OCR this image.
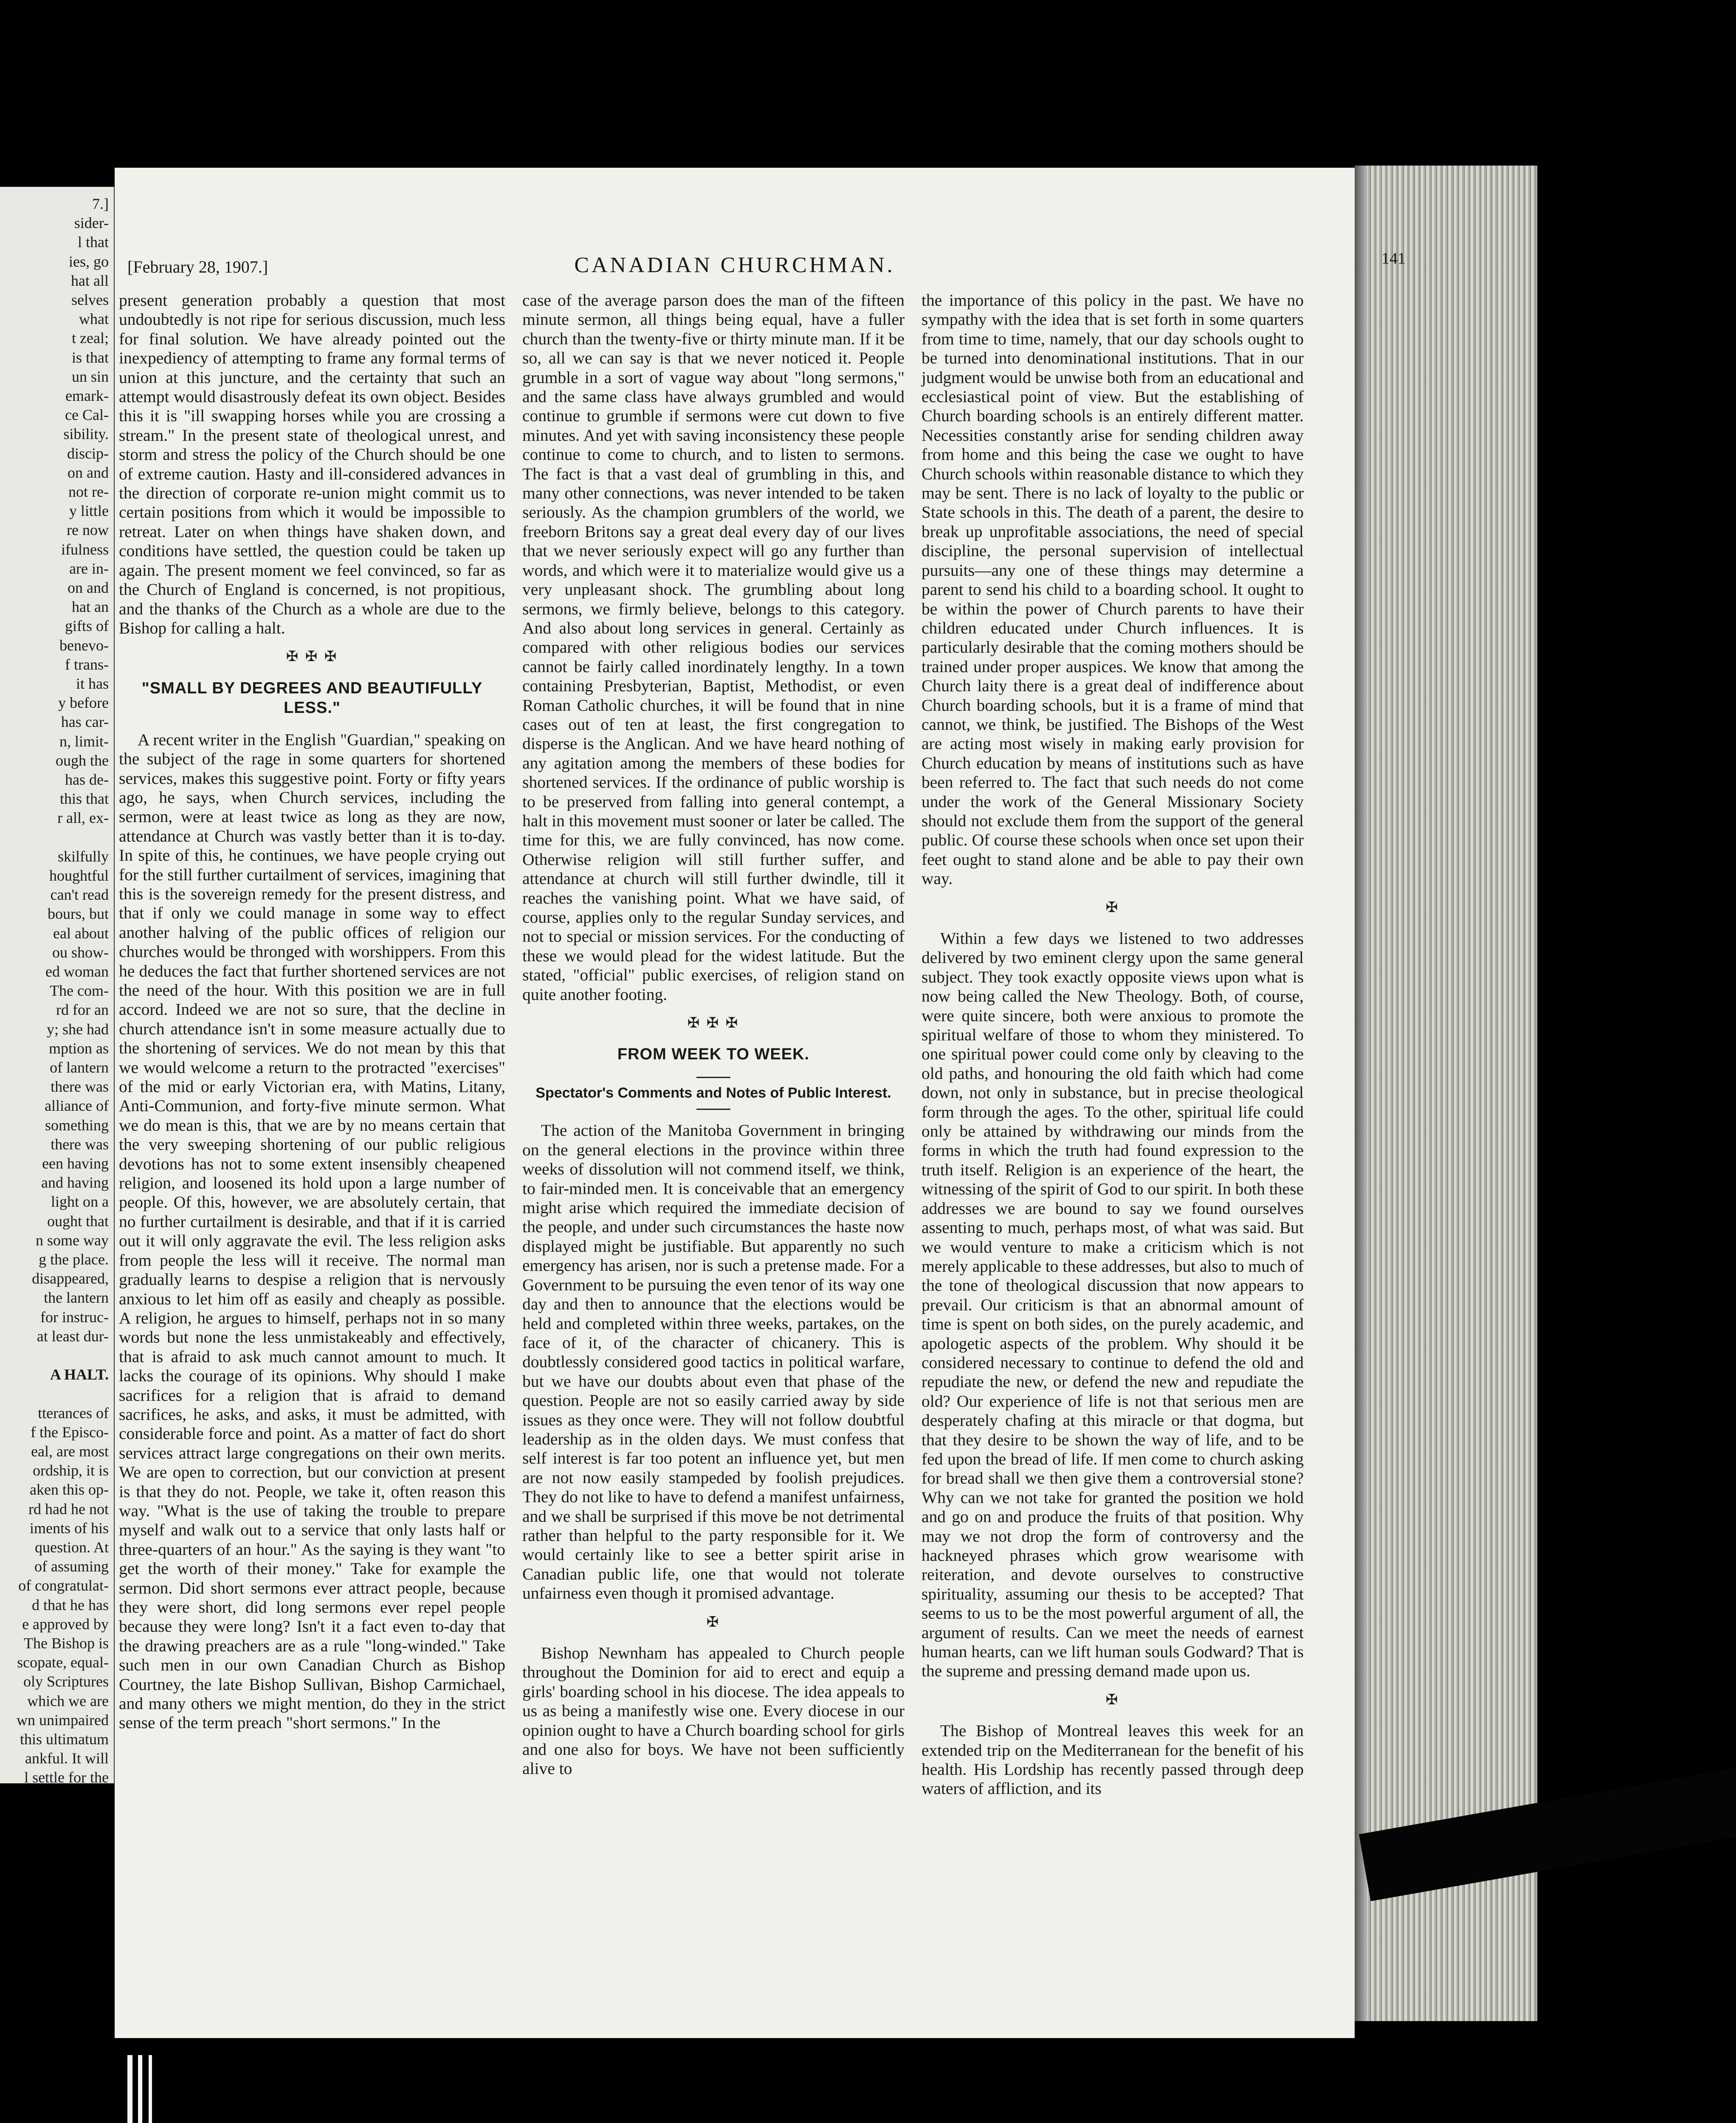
7.]
sider-
l that
ies, go
hat all
selves
what
t zeal;
is that
un sin
emark-
ce Cal-
sibility.
discip-
on and
not re-
y little
re now
ifulness
are in-
on and
hat an
gifts of
benevo-
f trans-
it has
y before
has car-
n, limit-
ough the
has de-
this that
r all, ex-
skilfully
houghtful
can't read
bours, but
eal about
ou show-
ed woman
The com-
rd for an
y; she had
mption as
of lantern
there was
alliance of
something
there was
een having
and having
light on a
ought that
n some way
g the place.
disappeared,
the lantern
for instruc-
at least dur-
A HALT.
tterances of
f the Episco-
eal, are most
ordship, it is
aken this op-
rd had he not
iments of his
question. At
of assuming
of congratulat-
d that he has
e approved by
The Bishop is
scopate, equal-
oly Scriptures
which we are
wn unimpaired
this ultimatum
ankful. It will
l settle for the
[February 28, 1907.]	CANADIAN CHURCHMAN.	141

present generation probably a question that most undoubtedly is not ripe for serious discussion, much less for final solution. We have already pointed out the inexpediency of attempting to frame any formal terms of union at this juncture, and the certainty that such an attempt would disastrously defeat its own object. Besides this it is "ill swapping horses while you are crossing a stream." In the present state of theological unrest, and storm and stress the policy of the Church should be one of extreme caution. Hasty and ill-considered advances in the direction of corporate re-union might commit us to certain positions from which it would be impossible to retreat. Later on when things have shaken down, and conditions have settled, the question could be taken up again. The present moment we feel convinced, so far as the Church of England is concerned, is not propitious, and the thanks of the Church as a whole are due to the Bishop for calling a halt.

✠ ✠ ✠
"SMALL BY DEGREES AND BEAUTIFULLY LESS."

A recent writer in the English "Guardian," speaking on the subject of the rage in some quarters for shortened services, makes this suggestive point. Forty or fifty years ago, he says, when Church services, including the sermon, were at least twice as long as they are now, attendance at Church was vastly better than it is to-day. In spite of this, he continues, we have people crying out for the still further curtailment of services, imagining that this is the sovereign remedy for the present distress, and that if only we could manage in some way to effect another halving of the public offices of religion our churches would be thronged with worshippers. From this he deduces the fact that further shortened services are not the need of the hour. With this position we are in full accord. Indeed we are not so sure, that the decline in church attendance isn't in some measure actually due to the shortening of services. We do not mean by this that we would welcome a return to the protracted "exercises" of the mid or early Victorian era, with Matins, Litany, Anti-Communion, and forty-five minute sermon. What we do mean is this, that we are by no means certain that the very sweeping shortening of our public religious devotions has not to some extent insensibly cheapened religion, and loosened its hold upon a large number of people. Of this, however, we are absolutely certain, that no further curtailment is desirable, and that if it is carried out it will only aggravate the evil. The less religion asks from people the less will it receive. The normal man gradually learns to despise a religion that is nervously anxious to let him off as easily and cheaply as possible. A religion, he argues to himself, perhaps not in so many words but none the less unmistakeably and effectively, that is afraid to ask much cannot amount to much. It lacks the courage of its opinions. Why should I make sacrifices for a religion that is afraid to demand sacrifices, he asks, and asks, it must be admitted, with considerable force and point. As a matter of fact do short services attract large congregations on their own merits. We are open to correction, but our conviction at present is that they do not. People, we take it, often reason this way. "What is the use of taking the trouble to prepare myself and walk out to a service that only lasts half or three-quarters of an hour." As the saying is they want "to get the worth of their money." Take for example the sermon. Did short sermons ever attract people, because they were short, did long sermons ever repel people because they were long? Isn't it a fact even to-day that the drawing preachers are as a rule "long-winded." Take such men in our own Canadian Church as Bishop Courtney, the late Bishop Sullivan, Bishop Carmichael, and many others we might mention, do they in the strict sense of the term preach "short sermons." In the

case of the average parson does the man of the fifteen minute sermon, all things being equal, have a fuller church than the twenty-five or thirty minute man. If it be so, all we can say is that we never noticed it. People grumble in a sort of vague way about "long sermons," and the same class have always grumbled and would continue to grumble if sermons were cut down to five minutes. And yet with saving inconsistency these people continue to come to church, and to listen to sermons. The fact is that a vast deal of grumbling in this, and many other connections, was never intended to be taken seriously. As the champion grumblers of the world, we freeborn Britons say a great deal every day of our lives that we never seriously expect will go any further than words, and which were it to materialize would give us a very unpleasant shock. The grumbling about long sermons, we firmly believe, belongs to this category. And also about long services in general. Certainly as compared with other religious bodies our services cannot be fairly called inordinately lengthy. In a town containing Presbyterian, Baptist, Methodist, or even Roman Catholic churches, it will be found that in nine cases out of ten at least, the first congregation to disperse is the Anglican. And we have heard nothing of any agitation among the members of these bodies for shortened services. If the ordinance of public worship is to be preserved from falling into general contempt, a halt in this movement must sooner or later be called. The time for this, we are fully convinced, has now come. Otherwise religion will still further suffer, and attendance at church will still further dwindle, till it reaches the vanishing point. What we have said, of course, applies only to the regular Sunday services, and not to special or mission services. For the conducting of these we would plead for the widest latitude. But the stated, "official" public exercises, of religion stand on quite another footing.

✠ ✠ ✠
FROM WEEK TO WEEK.
Spectator's Comments and Notes of Public Interest.

The action of the Manitoba Government in bringing on the general elections in the province within three weeks of dissolution will not commend itself, we think, to fair-minded men. It is conceivable that an emergency might arise which required the immediate decision of the people, and under such circumstances the haste now displayed might be justifiable. But apparently no such emergency has arisen, nor is such a pretense made. For a Government to be pursuing the even tenor of its way one day and then to announce that the elections would be held and completed within three weeks, partakes, on the face of it, of the character of chicanery. This is doubtlessly considered good tactics in political warfare, but we have our doubts about even that phase of the question. People are not so easily carried away by side issues as they once were. They will not follow doubtful leadership as in the olden days. We must confess that self interest is far too potent an influence yet, but men are not now easily stampeded by foolish prejudices. They do not like to have to defend a manifest unfairness, and we shall be surprised if this move be not detrimental rather than helpful to the party responsible for it. We would certainly like to see a better spirit arise in Canadian public life, one that would not tolerate unfairness even though it promised advantage.

✠

Bishop Newnham has appealed to Church people throughout the Dominion for aid to erect and equip a girls' boarding school in his diocese. The idea appeals to us as being a manifestly wise one. Every diocese in our opinion ought to have a Church boarding school for girls and one also for boys. We have not been sufficiently alive to

the importance of this policy in the past. We have no sympathy with the idea that is set forth in some quarters from time to time, namely, that our day schools ought to be turned into denominational institutions. That in our judgment would be unwise both from an educational and ecclesiastical point of view. But the establishing of Church boarding schools is an entirely different matter. Necessities constantly arise for sending children away from home and this being the case we ought to have Church schools within reasonable distance to which they may be sent. There is no lack of loyalty to the public or State schools in this. The death of a parent, the desire to break up unprofitable associations, the need of special discipline, the personal supervision of intellectual pursuits—any one of these things may determine a parent to send his child to a boarding school. It ought to be within the power of Church parents to have their children educated under Church influences. It is particularly desirable that the coming mothers should be trained under proper auspices. We know that among the Church laity there is a great deal of indifference about Church boarding schools, but it is a frame of mind that cannot, we think, be justified. The Bishops of the West are acting most wisely in making early provision for Church education by means of institutions such as have been referred to. The fact that such needs do not come under the work of the General Missionary Society should not exclude them from the support of the general public. Of course these schools when once set upon their feet ought to stand alone and be able to pay their own way.

✠

Within a few days we listened to two addresses delivered by two eminent clergy upon the same general subject. They took exactly opposite views upon what is now being called the New Theology. Both, of course, were quite sincere, both were anxious to promote the spiritual welfare of those to whom they ministered. To one spiritual power could come only by cleaving to the old paths, and honouring the old faith which had come down, not only in substance, but in precise theological form through the ages. To the other, spiritual life could only be attained by withdrawing our minds from the forms in which the truth had found expression to the truth itself. Religion is an experience of the heart, the witnessing of the spirit of God to our spirit. In both these addresses we are bound to say we found ourselves assenting to much, perhaps most, of what was said. But we would venture to make a criticism which is not merely applicable to these addresses, but also to much of the tone of theological discussion that now appears to prevail. Our criticism is that an abnormal amount of time is spent on both sides, on the purely academic, and apologetic aspects of the problem. Why should it be considered necessary to continue to defend the old and repudiate the new, or defend the new and repudiate the old? Our experience of life is not that serious men are desperately chafing at this miracle or that dogma, but that they desire to be shown the way of life, and to be fed upon the bread of life. If men come to church asking for bread shall we then give them a controversial stone? Why can we not take for granted the position we hold and go on and produce the fruits of that position. Why may we not drop the form of controversy and the hackneyed phrases which grow wearisome with reiteration, and devote ourselves to constructive spirituality, assuming our thesis to be accepted? That seems to us to be the most powerful argument of all, the argument of results. Can we meet the needs of earnest human hearts, can we lift human souls Godward? That is the supreme and pressing demand made upon us.

✠

The Bishop of Montreal leaves this week for an extended trip on the Mediterranean for the benefit of his health. His Lordship has recently passed through deep waters of affliction, and its
